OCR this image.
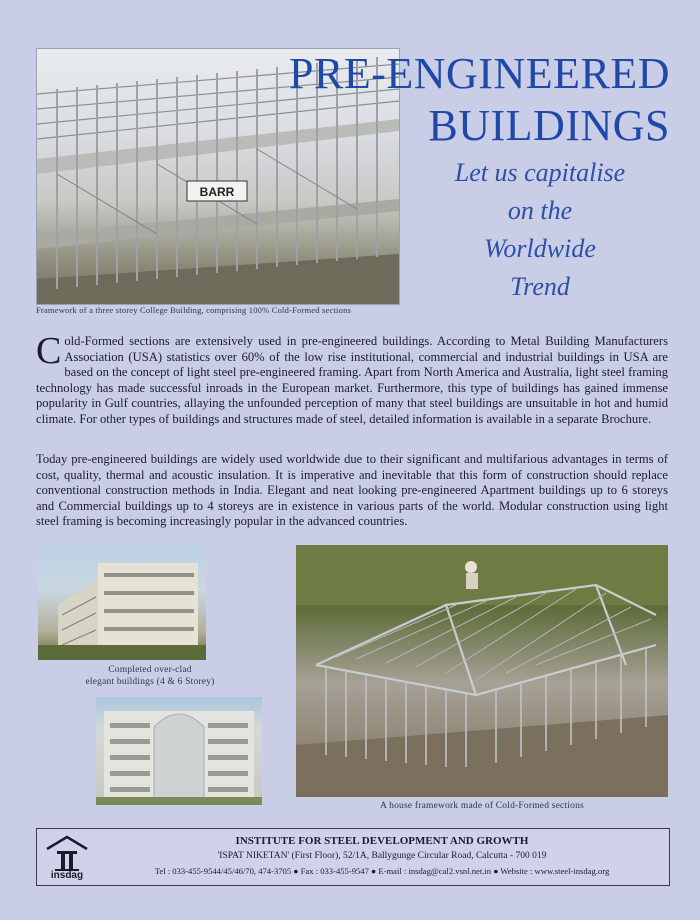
BARR
Framework of a three storey College Building, comprising 100% Cold-Formed sections
PRE-ENGINEERED
BUILDINGS
Let us capitalise
on the
Worldwide
Trend
Cold-Formed sections are extensively used in pre-engineered buildings. According to Metal Building Manufacturers Association (USA) statistics over 60% of the low rise institutional, commercial and industrial buildings in USA are based on the concept of light steel pre-engineered framing. Apart from North America and Australia, light steel framing technology has made successful inroads in the European market. Furthermore, this type of buildings has gained immense popularity in Gulf countries, allaying the unfounded perception of many that steel buildings are unsuitable in hot and humid climate. For other types of buildings and structures made of steel, detailed information is available in a separate Brochure.
Today pre-engineered buildings are widely used worldwide due to their significant and multifarious advantages in terms of cost, quality, thermal and acoustic insulation. It is imperative and inevitable that this form of construction should replace conventional construction methods in India. Elegant and neat looking pre-engineered Apartment buildings up to 6 storeys and Commercial buildings up to 4 storeys are in existence in various parts of the world. Modular construction using light steel framing is becoming increasingly popular in the advanced countries.
Completed over-clad
elegant buildings (4 & 6 Storey)
A house framework made of Cold-Formed sections
insdag
INSTITUTE FOR STEEL DEVELOPMENT AND GROWTH
'ISPAT NIKETAN' (First Floor), 52/1A, Ballygunge Circular Road, Calcutta - 700 019
Tel : 033-455-9544/45/46/70, 474-3705 ● Fax : 033-455-9547 ● E-mail : insdag@cal2.vsnl.net.in ● Website : www.steel-insdag.org
